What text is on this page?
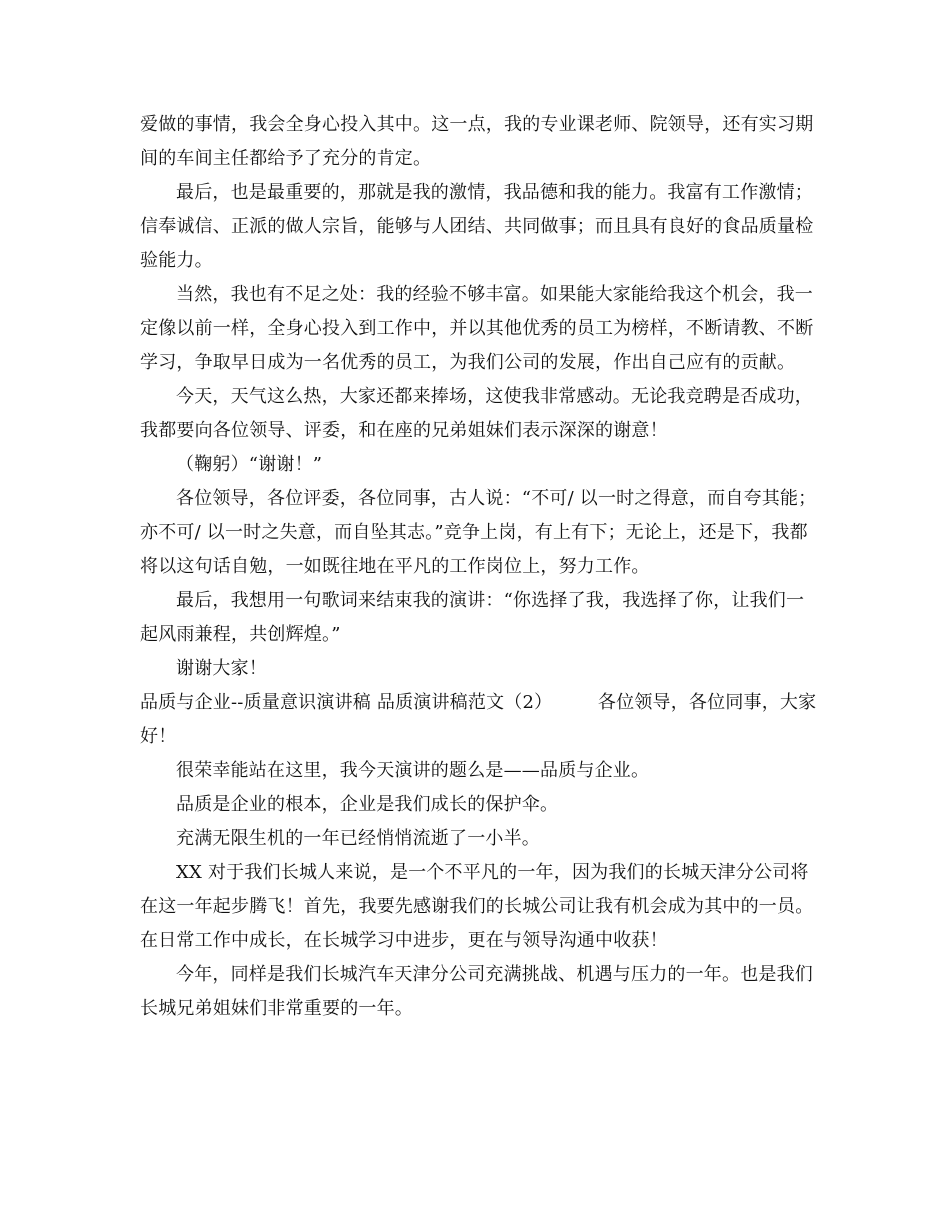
爱做的事情，我会全身心投入其中。这一点，我的专业课老师、院领导，还有实习期间的车间主任都给予了充分的肯定。

最后，也是最重要的，那就是我的激情，我品德和我的能力。我富有工作激情；信奉诚信、正派的做人宗旨，能够与人团结、共同做事；而且具有良好的食品质量检验能力。

当然，我也有不足之处：我的经验不够丰富。如果能大家能给我这个机会，我一定像以前一样，全身心投入到工作中，并以其他优秀的员工为榜样，不断请教、不断学习，争取早日成为一名优秀的员工，为我们公司的发展，作出自己应有的贡献。

今天，天气这么热，大家还都来捧场，这使我非常感动。无论我竞聘是否成功，我都要向各位领导、评委，和在座的兄弟姐妹们表示深深的谢意！

（鞠躬）“谢谢！”

各位领导，各位评委，各位同事，古人说：“不可/ 以一时之得意，而自夸其能；亦不可/ 以一时之失意，而自坠其志。”竞争上岗，有上有下；无论上，还是下，我都将以这句话自勉，一如既往地在平凡的工作岗位上，努力工作。

最后，我想用一句歌词来结束我的演讲：“你选择了我，我选择了你，让我们一起风雨兼程，共创辉煌。”

谢谢大家！

品质与企业--质量意识演讲稿 品质演讲稿范文（2）　　　各位领导，各位同事，大家好！

很荣幸能站在这里，我今天演讲的题么是——品质与企业。

品质是企业的根本，企业是我们成长的保护伞。

充满无限生机的一年已经悄悄流逝了一小半。

XX 对于我们长城人来说，是一个不平凡的一年，因为我们的长城天津分公司将在这一年起步腾飞！首先，我要先感谢我们的长城公司让我有机会成为其中的一员。在日常工作中成长，在长城学习中进步，更在与领导沟通中收获！

今年，同样是我们长城汽车天津分公司充满挑战、机遇与压力的一年。也是我们长城兄弟姐妹们非常重要的一年。
